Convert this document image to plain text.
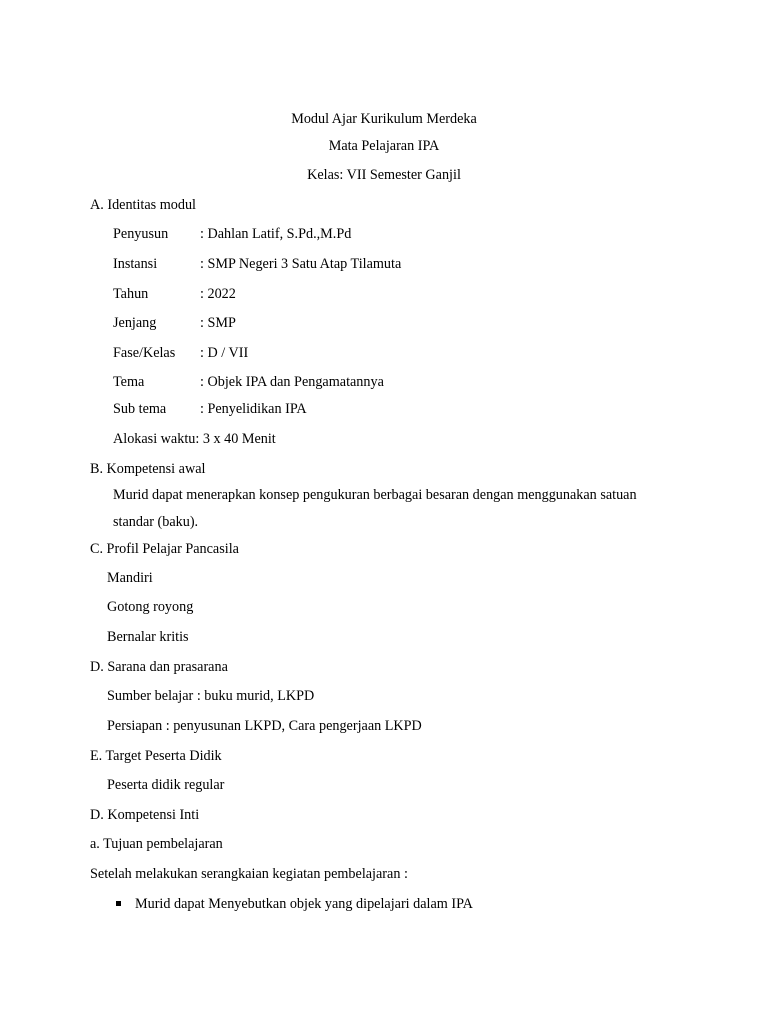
Modul Ajar Kurikulum Merdeka
Mata Pelajaran IPA
Kelas: VII Semester Ganjil
A. Identitas modul
Penyusun : Dahlan Latif, S.Pd.,M.Pd
Instansi	: SMP Negeri 3 Satu Atap Tilamuta
Tahun	: 2022
Jenjang	: SMP
Fase/Kelas : D / VII
Tema	: Objek IPA dan Pengamatannya
Sub tema : Penyelidikan IPA
Alokasi waktu: 3 x 40 Menit
B. Kompetensi awal
Murid dapat menerapkan konsep pengukuran berbagai besaran dengan menggunakan satuan
standar (baku).
C. Profil Pelajar Pancasila
Mandiri
Gotong royong
Bernalar kritis
D. Sarana dan prasarana
Sumber belajar : buku murid, LKPD
Persiapan : penyusunan LKPD, Cara pengerjaan LKPD
E. Target Peserta Didik
Peserta didik regular
D. Kompetensi Inti
a. Tujuan pembelajaran
Setelah melakukan serangkaian kegiatan pembelajaran :
Murid dapat Menyebutkan objek yang dipelajari dalam IPA
